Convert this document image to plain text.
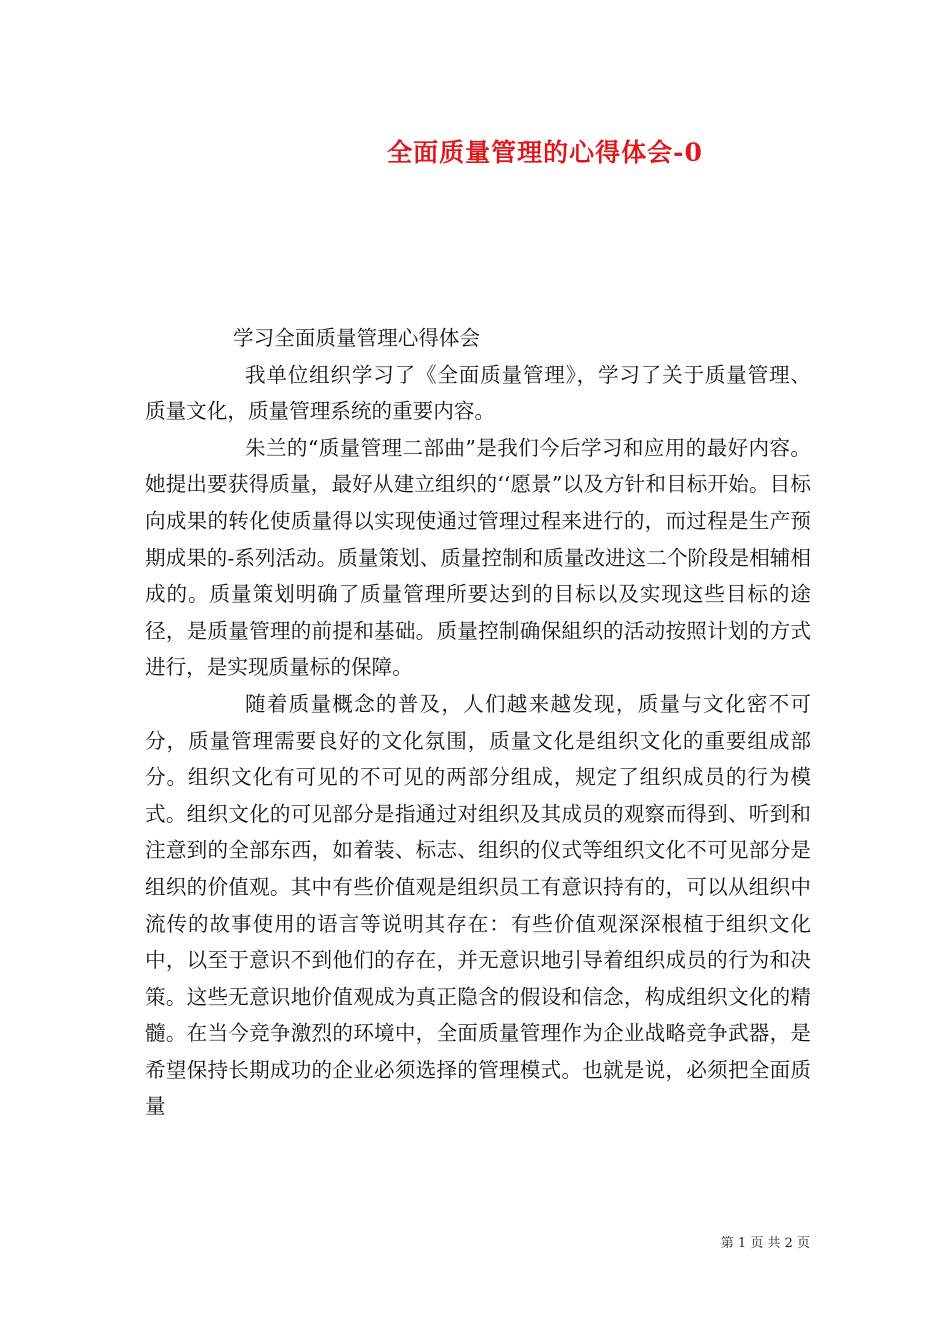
全面质量管理的心得体会-0

学习全面质量管理心得体会

我单位组织学习了《全面质量管理》，学习了关于质量管理、质量文化，质量管理系统的重要内容。

朱兰的“质量管理二部曲”是我们今后学习和应用的最好内容。她提出要获得质量，最好从建立组织的‘‘愿景”以及方针和目标开始。目标向成果的转化使质量得以实现使通过管理过程来进行的，而过程是生产预期成果的-系列活动。质量策划、质量控制和质量改进这二个阶段是相辅相成的。质量策划明确了质量管理所要达到的目标以及实现这些目标的途径，是质量管理的前提和基础。质量控制确保組织的活动按照计划的方式进行，是实现质量标的保障。

随着质量概念的普及，人们越来越发现，质量与文化密不可分，质量管理需要良好的文化氛围，质量文化是组织文化的重要组成部分。组织文化有可见的不可见的两部分组成，规定了组织成员的行为模式。组织文化的可见部分是指通过对组织及其成员的观察而得到、听到和注意到的全部东西，如着装、标志、组织的仪式等组织文化不可见部分是组织的价值观。其中有些价值观是组织员工有意识持有的，可以从组织中流传的故事使用的语言等说明其存在：有些价值观深深根植于组织文化中，以至于意识不到他们的存在，并无意识地引导着组织成员的行为和决策。这些无意识地价值观成为真正隐含的假设和信念，构成组织文化的精髓。在当今竞争激烈的环境中，全面质量管理作为企业战略竞争武器，是希望保持长期成功的企业必须选择的管理模式。也就是说，必须把全面质量

第 1 页 共 2 页
